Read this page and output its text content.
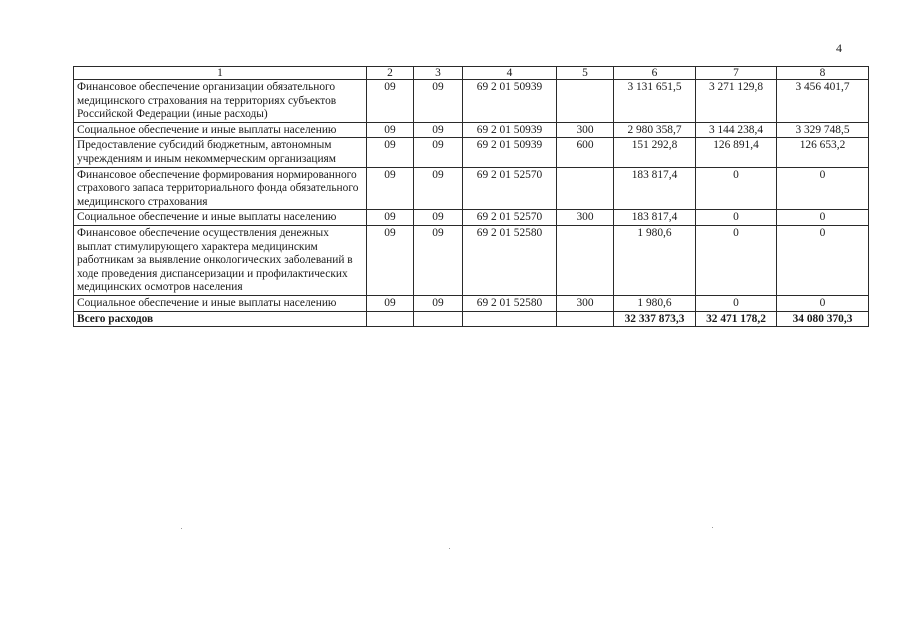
4
1	2	3	4	5	6	7	8
Финансовое обеспечение организации обязательного медицинского страхования на территориях субъектов Российской Федерации (иные расходы)	09	09	69 2 01 50939		3 131 651,5	3 271 129,8	3 456 401,7
Социальное обеспечение и иные выплаты населению	09	09	69 2 01 50939	300	2 980 358,7	3 144 238,4	3 329 748,5
Предоставление субсидий бюджетным, автономным учреждениям и иным некоммерческим организациям	09	09	69 2 01 50939	600	151 292,8	126 891,4	126 653,2
Финансовое обеспечение формирования нормированного страхового запаса территориального фонда обязательного медицинского страхования	09	09	69 2 01 52570		183 817,4	0	0
Социальное обеспечение и иные выплаты населению	09	09	69 2 01 52570	300	183 817,4	0	0
Финансовое обеспечение осуществления денежных выплат стимулирующего характера медицинским работникам за выявление онкологических заболеваний в ходе проведения диспансеризации и профилактических медицинских осмотров населения	09	09	69 2 01 52580		1 980,6	0	0
Социальное обеспечение и иные выплаты населению	09	09	69 2 01 52580	300	1 980,6	0	0
Всего расходов					32 337 873,3	32 471 178,2	34 080 370,3
